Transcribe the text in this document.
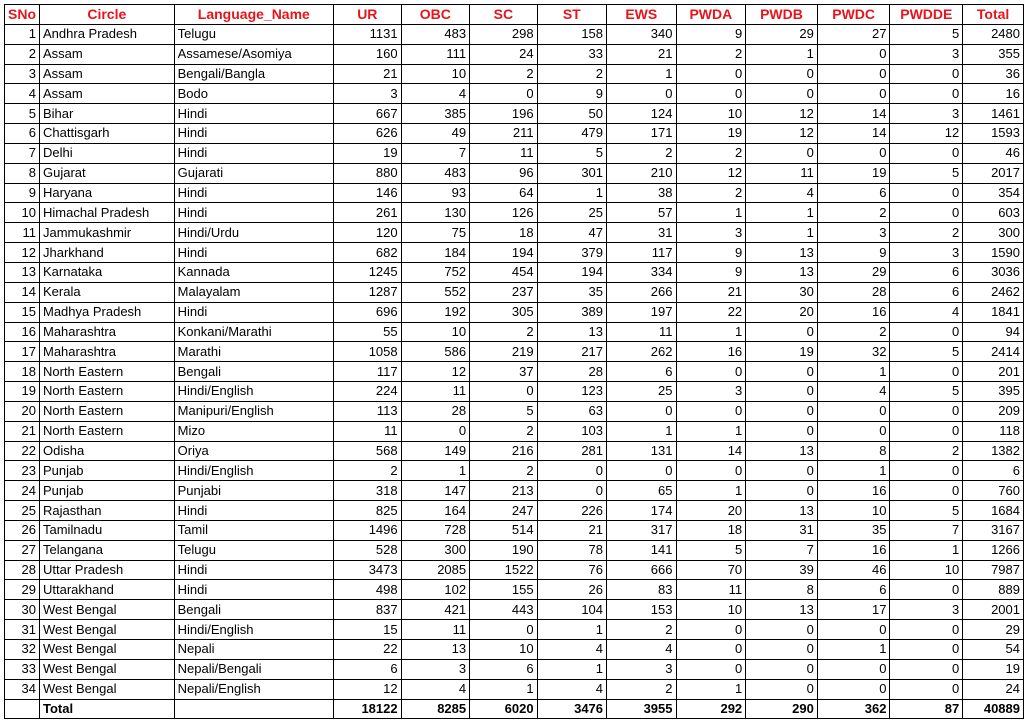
SNo	Circle	Language_Name	UR	OBC	SC	ST	EWS	PWDA	PWDB	PWDC	PWDDE	Total
1	Andhra Pradesh	Telugu	1131	483	298	158	340	9	29	27	5	2480
2	Assam	Assamese/Asomiya	160	111	24	33	21	2	1	0	3	355
3	Assam	Bengali/Bangla	21	10	2	2	1	0	0	0	0	36
4	Assam	Bodo	3	4	0	9	0	0	0	0	0	16
5	Bihar	Hindi	667	385	196	50	124	10	12	14	3	1461
6	Chattisgarh	Hindi	626	49	211	479	171	19	12	14	12	1593
7	Delhi	Hindi	19	7	11	5	2	2	0	0	0	46
8	Gujarat	Gujarati	880	483	96	301	210	12	11	19	5	2017
9	Haryana	Hindi	146	93	64	1	38	2	4	6	0	354
10	Himachal Pradesh	Hindi	261	130	126	25	57	1	1	2	0	603
11	Jammukashmir	Hindi/Urdu	120	75	18	47	31	3	1	3	2	300
12	Jharkhand	Hindi	682	184	194	379	117	9	13	9	3	1590
13	Karnataka	Kannada	1245	752	454	194	334	9	13	29	6	3036
14	Kerala	Malayalam	1287	552	237	35	266	21	30	28	6	2462
15	Madhya Pradesh	Hindi	696	192	305	389	197	22	20	16	4	1841
16	Maharashtra	Konkani/Marathi	55	10	2	13	11	1	0	2	0	94
17	Maharashtra	Marathi	1058	586	219	217	262	16	19	32	5	2414
18	North Eastern	Bengali	117	12	37	28	6	0	0	1	0	201
19	North Eastern	Hindi/English	224	11	0	123	25	3	0	4	5	395
20	North Eastern	Manipuri/English	113	28	5	63	0	0	0	0	0	209
21	North Eastern	Mizo	11	0	2	103	1	1	0	0	0	118
22	Odisha	Oriya	568	149	216	281	131	14	13	8	2	1382
23	Punjab	Hindi/English	2	1	2	0	0	0	0	1	0	6
24	Punjab	Punjabi	318	147	213	0	65	1	0	16	0	760
25	Rajasthan	Hindi	825	164	247	226	174	20	13	10	5	1684
26	Tamilnadu	Tamil	1496	728	514	21	317	18	31	35	7	3167
27	Telangana	Telugu	528	300	190	78	141	5	7	16	1	1266
28	Uttar Pradesh	Hindi	3473	2085	1522	76	666	70	39	46	10	7987
29	Uttarakhand	Hindi	498	102	155	26	83	11	8	6	0	889
30	West Bengal	Bengali	837	421	443	104	153	10	13	17	3	2001
31	West Bengal	Hindi/English	15	11	0	1	2	0	0	0	0	29
32	West Bengal	Nepali	22	13	10	4	4	0	0	1	0	54
33	West Bengal	Nepali/Bengali	6	3	6	1	3	0	0	0	0	19
34	West Bengal	Nepali/English	12	4	1	4	2	1	0	0	0	24
	Total		18122	8285	6020	3476	3955	292	290	362	87	40889
